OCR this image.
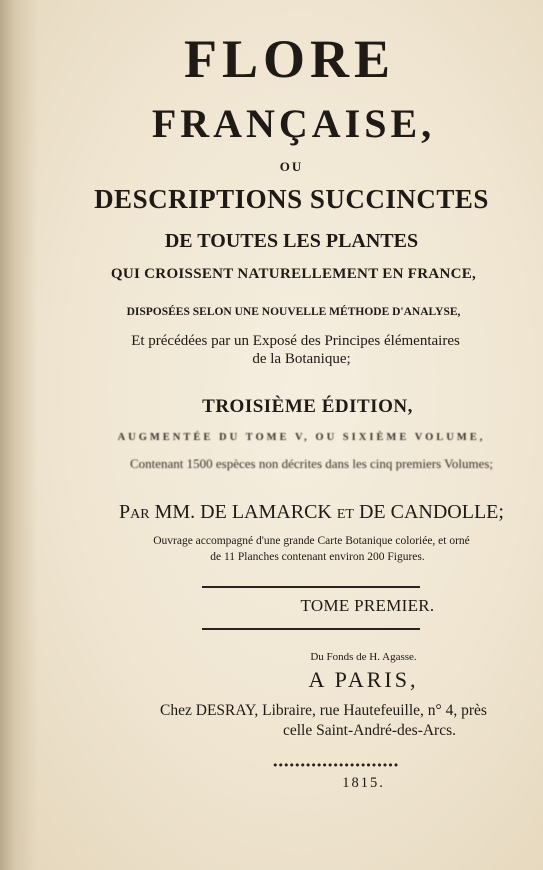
FLORE

FRANÇAISE,

OU

DESCRIPTIONS SUCCINCTES

DE TOUTES LES PLANTES

QUI CROISSENT NATURELLEMENT EN FRANCE,

DISPOSÉES SELON UNE NOUVELLE MÉTHODE D'ANALYSE,

Et précédées par un Exposé des Principes élémentaires

de la Botanique;

TROISIÈME ÉDITION,

AUGMENTÉE DU TOME V, OU SIXIÈME VOLUME,

Contenant 1500 espèces non décrites dans les cinq premiers Volumes;

Par MM. DE LAMARCK et DE CANDOLLE;

Ouvrage accompagné d'une grande Carte Botanique coloriée, et orné

de 11 Planches contenant environ 200 Figures.

TOME PREMIER.

Du Fonds de H. Agasse.

A PARIS,

Chez DESRAY, Libraire, rue Hautefeuille, n° 4, près

celle Saint-André-des-Arcs.

•••••••••••••••••••••••

1815.
